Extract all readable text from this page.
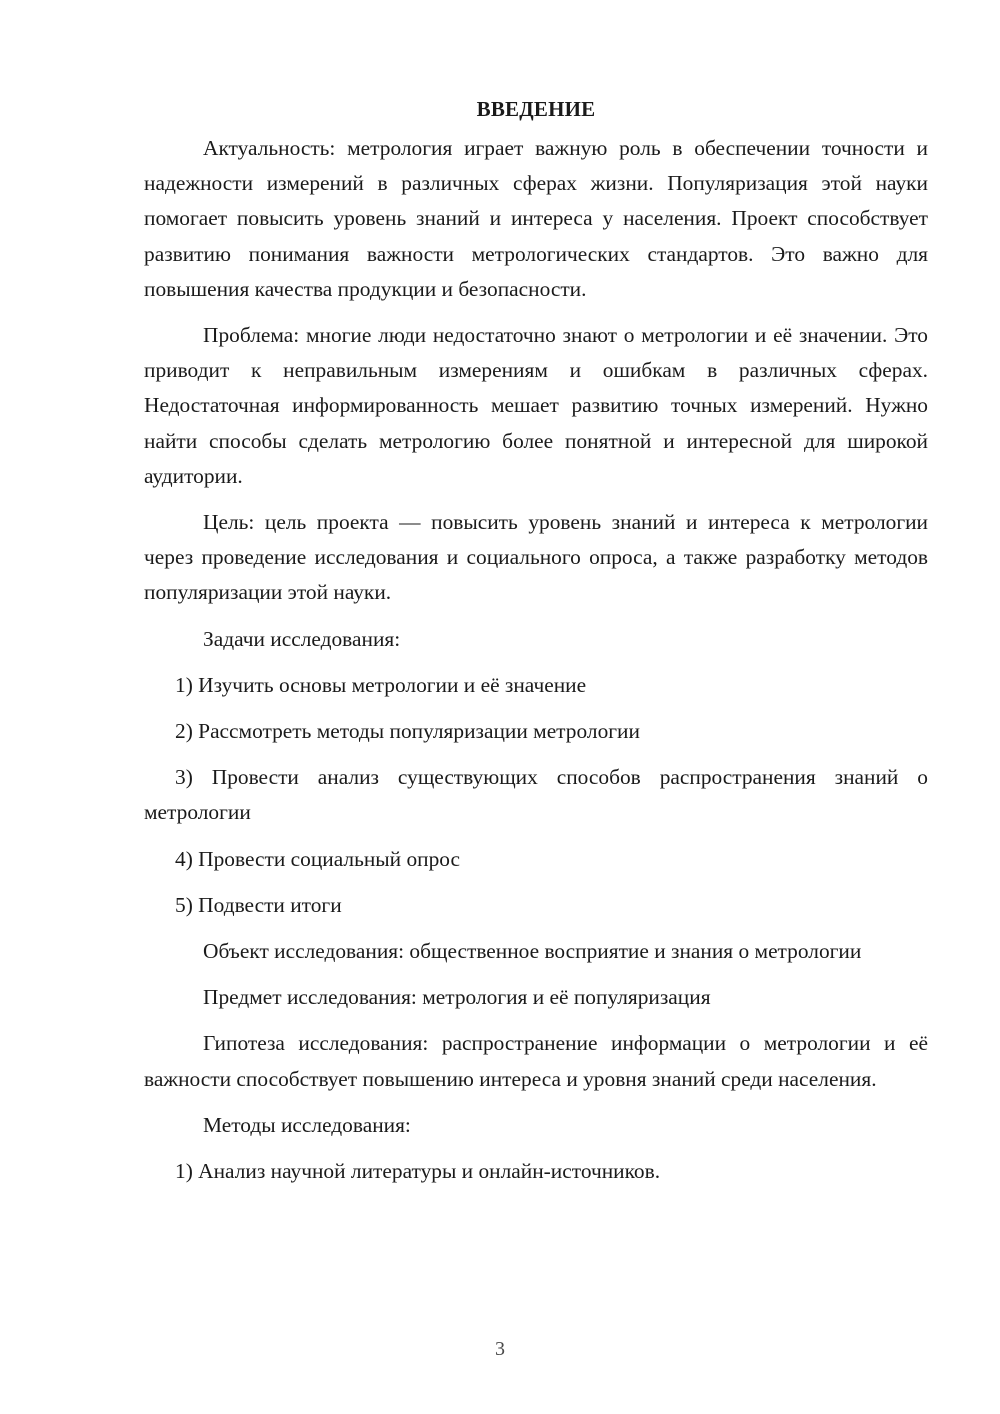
ВВЕДЕНИЕ

Актуальность: метрология играет важную роль в обеспечении точности и надежности измерений в различных сферах жизни. Популяризация этой науки помогает повысить уровень знаний и интереса у населения. Проект способствует развитию понимания важности метрологических стандартов. Это важно для повышения качества продукции и безопасности.

Проблема: многие люди недостаточно знают о метрологии и её значении. Это приводит к неправильным измерениям и ошибкам в различных сферах. Недостаточная информированность мешает развитию точных измерений. Нужно найти способы сделать метрологию более понятной и интересной для широкой аудитории.

Цель: цель проекта — повысить уровень знаний и интереса к метрологии через проведение исследования и социального опроса, а также разработку методов популяризации этой науки.

Задачи исследования:

1) Изучить основы метрологии и её значение

2) Рассмотреть методы популяризации метрологии

3) Провести анализ существующих способов распространения знаний о метрологии

4) Провести социальный опрос

5) Подвести итоги

Объект исследования: общественное восприятие и знания о метрологии

Предмет исследования: метрология и её популяризация

Гипотеза исследования: распространение информации о метрологии и её важности способствует повышению интереса и уровня знаний среди населения.

Методы исследования:

1) Анализ научной литературы и онлайн-источников.

3
